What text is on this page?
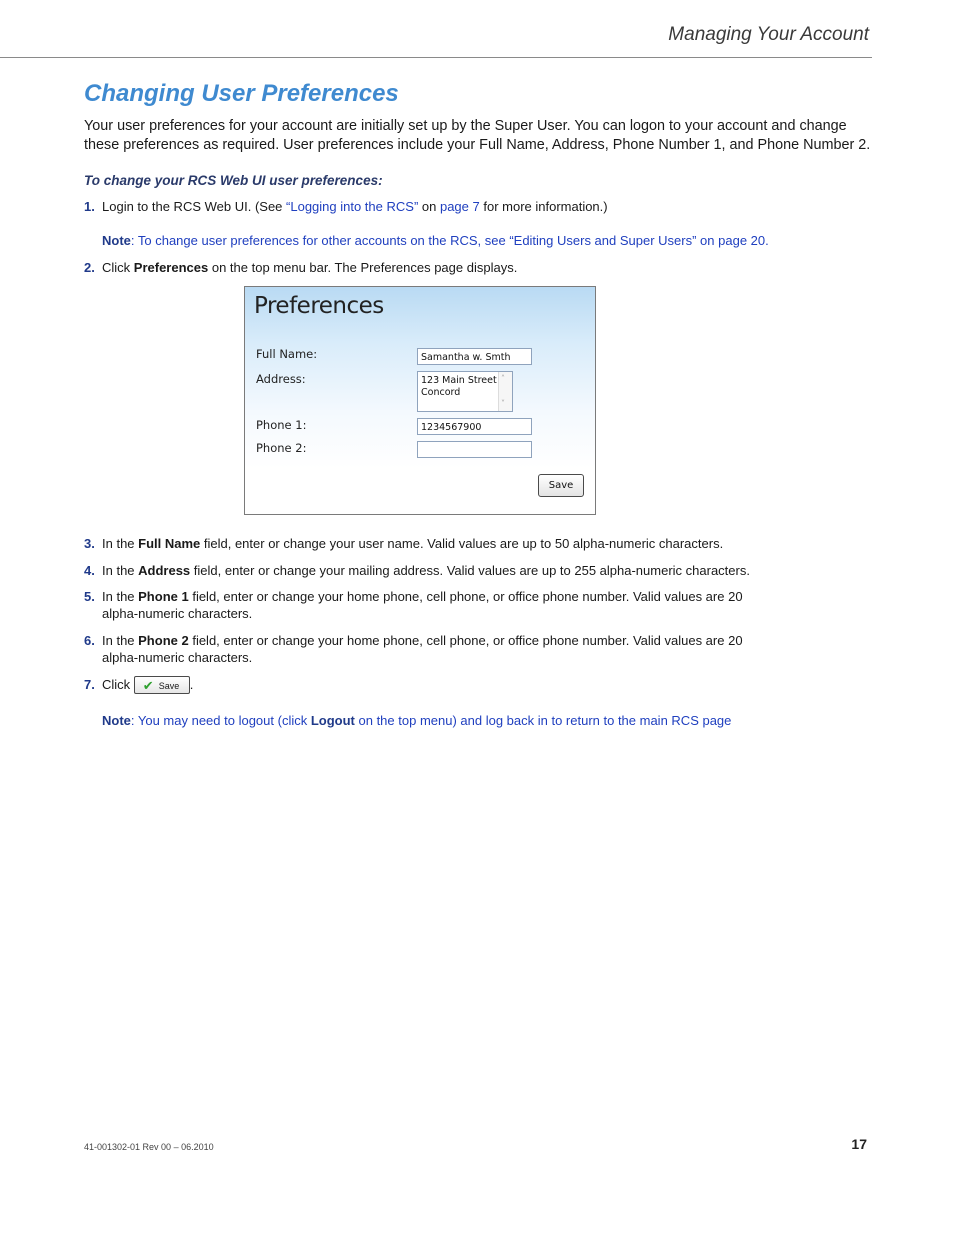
Managing Your Account
Changing User Preferences

Your user preferences for your account are initially set up by the Super User. You can logon to your account and change these preferences as required. User preferences include your Full Name, Address, Phone Number 1, and Phone Number 2.

To change your RCS Web UI user preferences:

1. Login to the RCS Web UI. (See “Logging into the RCS” on page 7 for more information.)
Note: To change user preferences for other accounts on the RCS, see “Editing Users and Super Users” on page 20.
2. Click Preferences on the top menu bar. The Preferences page displays.
Preferences
Full Name:	Samantha w. Smth
Address:	123 Main Street
Concord
˄
˅
Phone 1:	1234567900
Phone 2:
Save
3. In the Full Name field, enter or change your user name. Valid values are up to 50 alpha-numeric characters.
4. In the Address field, enter or change your mailing address. Valid values are up to 255 alpha-numeric characters.
5. In the Phone 1 field, enter or change your home phone, cell phone, or office phone number. Valid values are 20 alpha-numeric characters.
6. In the Phone 2 field, enter or change your home phone, cell phone, or office phone number. Valid values are 20 alpha-numeric characters.
7. Click ✔ Save .
Note: You may need to logout (click Logout on the top menu) and log back in to return to the main RCS page
41-001302-01 Rev 00 – 06.2010	17
